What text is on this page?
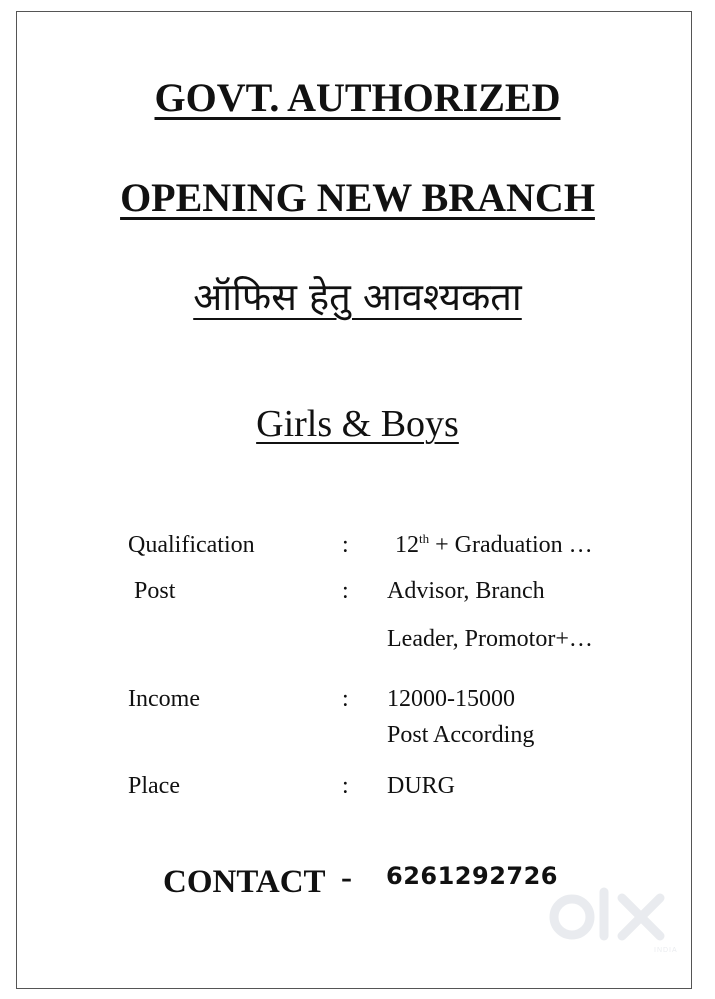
GOVT. AUTHORIZED
OPENING NEW BRANCH
ऑफिस हेतु आवश्यकता
Girls & Boys
Qualification	: 12th + Graduation …
Post	: Advisor, Branch
Leader, Promotor+…
Income	: 12000-15000
Post According
Place	: DURG
CONTACT - 6261292726
INDIA
